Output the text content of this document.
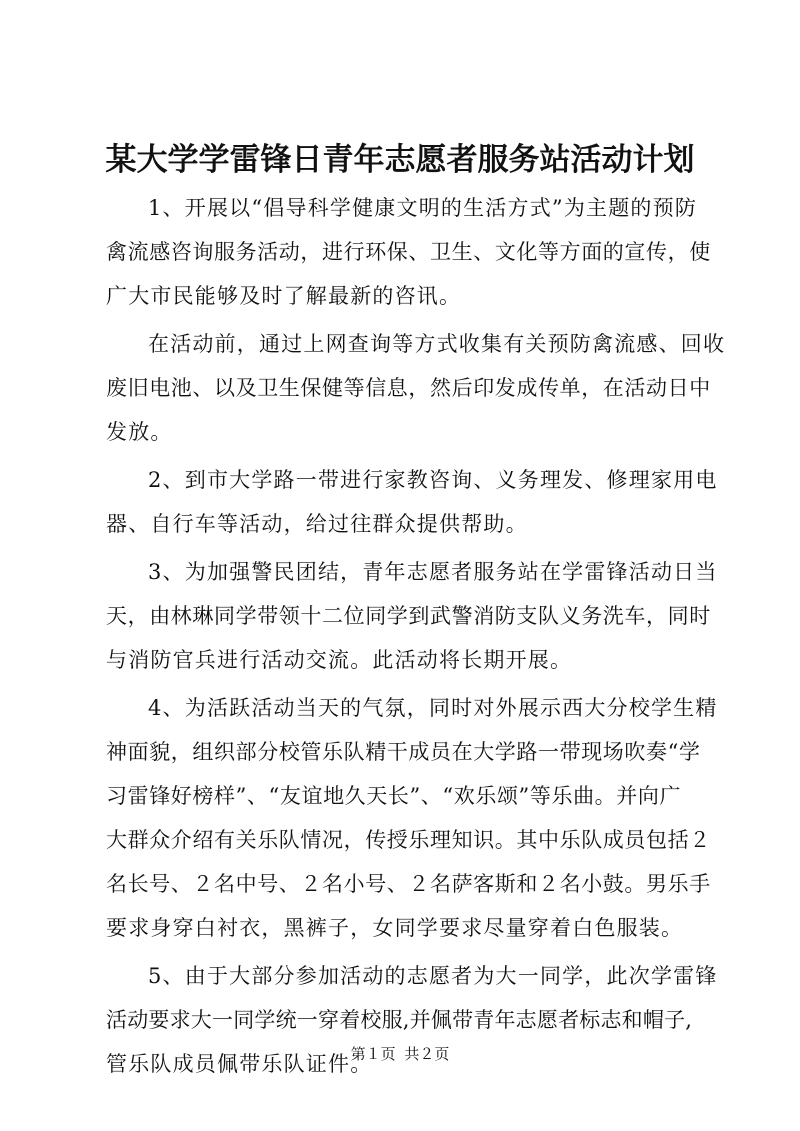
某大学学雷锋日青年志愿者服务站活动计划
1、开展以“倡导科学健康文明的生活方式”为主题的预防
禽流感咨询服务活动，进行环保、卫生、文化等方面的宣传，使
广大市民能够及时了解最新的咨讯。
在活动前，通过上网查询等方式收集有关预防禽流感、回收
废旧电池、以及卫生保健等信息，然后印发成传单，在活动日中
发放。
2、到市大学路一带进行家教咨询、义务理发、修理家用电
器、自行车等活动，给过往群众提供帮助。
3、为加强警民团结，青年志愿者服务站在学雷锋活动日当
天，由林琳同学带领十二位同学到武警消防支队义务洗车，同时
与消防官兵进行活动交流。此活动将长期开展。
4、为活跃活动当天的气氛，同时对外展示西大分校学生精
神面貌，组织部分校管乐队精干成员在大学路一带现场吹奏“学
习雷锋好榜样”、“友谊地久天长”、“欢乐颂”等乐曲。并向广
大群众介绍有关乐队情况，传授乐理知识。其中乐队成员包括２
名长号、２名中号、２名小号、２名萨客斯和２名小鼓。男乐手
要求身穿白衬衣，黑裤子，女同学要求尽量穿着白色服装。
5、由于大部分参加活动的志愿者为大一同学，此次学雷锋
活动要求大一同学统一穿着校服,并佩带青年志愿者标志和帽子,
管乐队成员佩带乐队证件。
第１页 共２页
